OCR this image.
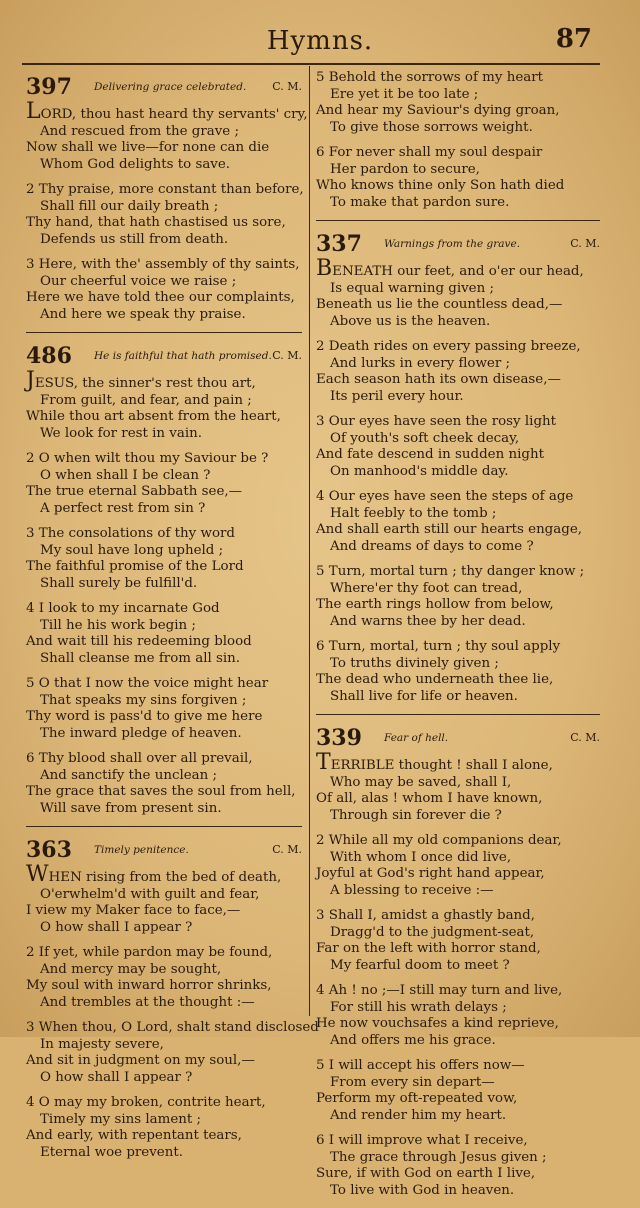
Hymns.	87
397 Delivering grace celebrated. C. M.
LORD, thou hast heard thy servants' cry,
And rescued from the grave ;
Now shall we live—for none can die
Whom God delights to save.
2 Thy praise, more constant than before,
Shall fill our daily breath ;
Thy hand, that hath chastised us sore,
Defends us still from death.
3 Here, with the' assembly of thy saints,
Our cheerful voice we raise ;
Here we have told thee our complaints,
And here we speak thy praise.
486 He is faithful that hath promised. C. M.
JESUS, the sinner's rest thou art,
From guilt, and fear, and pain ;
While thou art absent from the heart,
We look for rest in vain.
2 O when wilt thou my Saviour be ?
O when shall I be clean ?
The true eternal Sabbath see,—
A perfect rest from sin ?
3 The consolations of thy word
My soul have long upheld ;
The faithful promise of the Lord
Shall surely be fulfill'd.
4 I look to my incarnate God
Till he his work begin ;
And wait till his redeeming blood
Shall cleanse me from all sin.
5 O that I now the voice might hear
That speaks my sins forgiven ;
Thy word is pass'd to give me here
The inward pledge of heaven.
6 Thy blood shall over all prevail,
And sanctify the unclean ;
The grace that saves the soul from hell,
Will save from present sin.
363 Timely penitence.	C. M.
WHEN rising from the bed of death,
O'erwhelm'd with guilt and fear,
I view my Maker face to face,—
O how shall I appear ?
2 If yet, while pardon may be found,
And mercy may be sought,
My soul with inward horror shrinks,
And trembles at the thought :—
3 When thou, O Lord, shalt stand disclosed
In majesty severe,
And sit in judgment on my soul,—
O how shall I appear ?
4 O may my broken, contrite heart,
Timely my sins lament ;
And early, with repentant tears,
Eternal woe prevent.
5 Behold the sorrows of my heart
Ere yet it be too late ;
And hear my Saviour's dying groan,
To give those sorrows weight.
6 For never shall my soul despair
Her pardon to secure,
Who knows thine only Son hath died
To make that pardon sure.
337 Warnings from the grave.	C. M.
BENEATH our feet, and o'er our head,
Is equal warning given ;
Beneath us lie the countless dead,—
Above us is the heaven.
2 Death rides on every passing breeze,
And lurks in every flower ;
Each season hath its own disease,—
Its peril every hour.
3 Our eyes have seen the rosy light
Of youth's soft cheek decay,
And fate descend in sudden night
On manhood's middle day.
4 Our eyes have seen the steps of age
Halt feebly to the tomb ;
And shall earth still our hearts engage,
And dreams of days to come ?
5 Turn, mortal turn ; thy danger know ;
Where'er thy foot can tread,
The earth rings hollow from below,
And warns thee by her dead.
6 Turn, mortal, turn ; thy soul apply
To truths divinely given ;
The dead who underneath thee lie,
Shall live for life or heaven.
339 Fear of hell.	C. M.
TERRIBLE thought ! shall I alone,
Who may be saved, shall I,
Of all, alas ! whom I have known,
Through sin forever die ?
2 While all my old companions dear,
With whom I once did live,
Joyful at God's right hand appear,
A blessing to receive :—
3 Shall I, amidst a ghastly band,
Dragg'd to the judgment-seat,
Far on the left with horror stand,
My fearful doom to meet ?
4 Ah ! no ;—I still may turn and live,
For still his wrath delays ;
He now vouchsafes a kind reprieve,
And offers me his grace.
5 I will accept his offers now—
From every sin depart—
Perform my oft-repeated vow,
And render him my heart.
6 I will improve what I receive,
The grace through Jesus given ;
Sure, if with God on earth I live,
To live with God in heaven.
